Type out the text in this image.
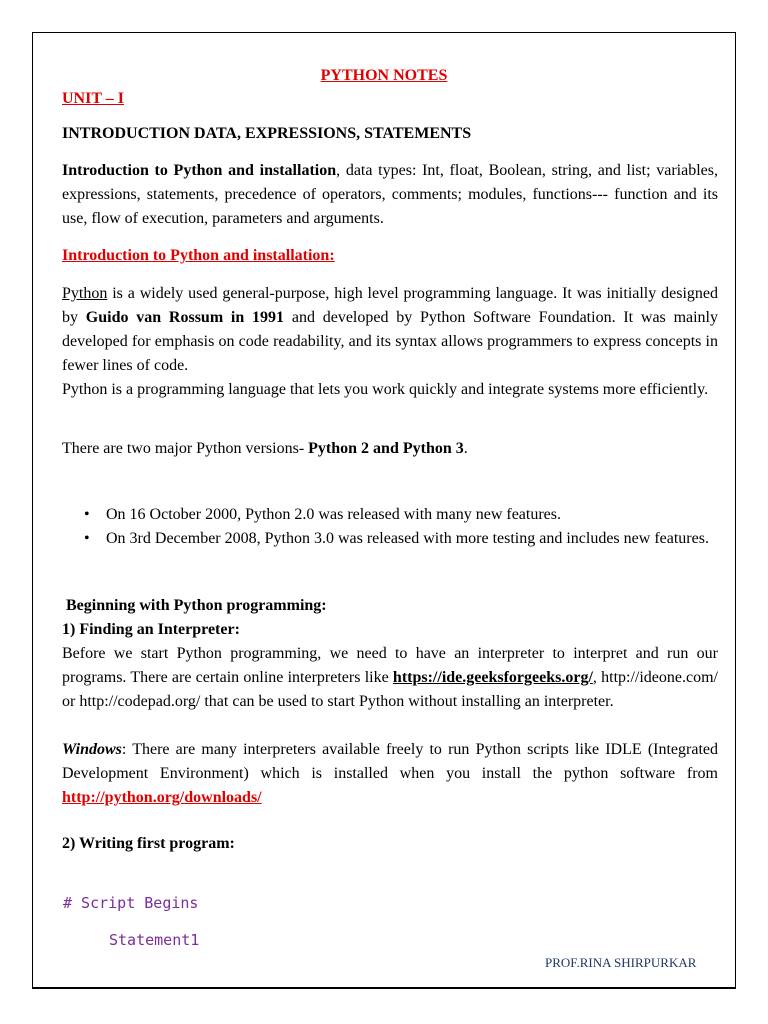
PYTHON NOTES
UNIT – I
INTRODUCTION DATA, EXPRESSIONS, STATEMENTS

Introduction to Python and installation, data types: Int, float, Boolean, string, and list; variables, expressions, statements, precedence of operators, comments; modules, functions--- function and its use, flow of execution, parameters and arguments.

Introduction to Python and installation:

Python is a widely used general-purpose, high level programming language. It was initially designed by Guido van Rossum in 1991 and developed by Python Software Foundation. It was mainly developed for emphasis on code readability, and its syntax allows programmers to express concepts in fewer lines of code.

Python is a programming language that lets you work quickly and integrate systems more efficiently.

There are two major Python versions- Python 2 and Python 3.

• On 16 October 2000, Python 2.0 was released with many new features.
• On 3rd December 2008, Python 3.0 was released with more testing and includes new features.
Beginning with Python programming:
1) Finding an Interpreter:

Before we start Python programming, we need to have an interpreter to interpret and run our programs. There are certain online interpreters like https://ide.geeksforgeeks.org/, http://ideone.com/ or http://codepad.org/ that can be used to start Python without installing an interpreter.

Windows: There are many interpreters available freely to run Python scripts like IDLE (Integrated Development Environment) which is installed when you install the python software from http://python.org/downloads/

2) Writing first program:
# Script Begins
Statement1
PROF.RINA SHIRPURKAR
